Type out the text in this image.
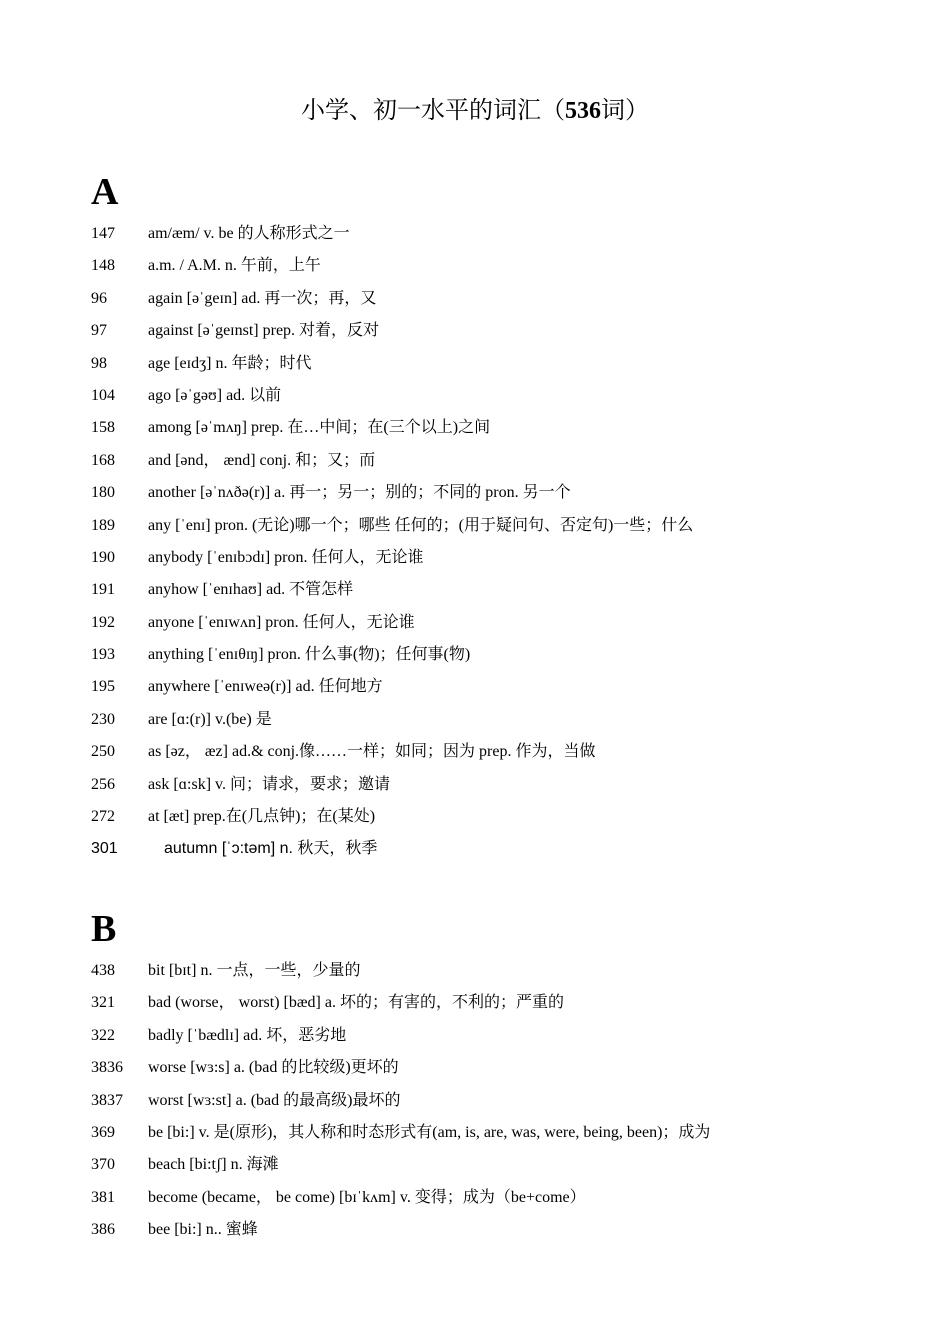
小学、初一水平的词汇（536词）
A
147 am/æm/ v. be 的人称形式之一
148 a.m. / A.M. n. 午前，上午
96	again [əˈgeɪn] ad. 再一次；再，又
97	against [əˈgeɪnst] prep. 对着，反对
98	age [eɪdʒ] n. 年龄；时代
104 ago [əˈgəʊ] ad. 以前
158 among [əˈmʌŋ] prep. 在…中间；在(三个以上)之间
168 and [ənd， ænd] conj. 和；又；而
180 another [əˈnʌðə(r)] a. 再一；另一；别的；不同的 pron. 另一个
189 any [ˈenɪ] pron. (无论)哪一个；哪些 任何的；(用于疑问句、否定句)一些；什么
190 anybody [ˈenɪbɔdɪ] pron. 任何人，无论谁
191 anyhow [ˈenɪhaʊ] ad. 不管怎样
192 anyone [ˈenɪwʌn] pron. 任何人，无论谁
193 anything [ˈenɪθɪŋ] pron. 什么事(物)；任何事(物)
195 anywhere [ˈenɪweə(r)] ad. 任何地方
230 are [ɑ:(r)] v.(be) 是
250 as [əz， æz] ad.& conj.像……一样；如同；因为 prep. 作为，当做
256 ask [ɑ:sk] v. 问；请求，要求；邀请
272 at [æt] prep.在(几点钟)；在(某处)
301	autumn [ˈɔ:təm] n. 秋天，秋季
B
438 bit [bɪt] n. 一点，一些，少量的
321 bad (worse， worst) [bæd] a. 坏的；有害的，不利的；严重的
322 badly [ˈbædlɪ] ad. 坏，恶劣地
3836 worse [wɜ:s] a. (bad 的比较级)更坏的
3837 worst [wɜ:st] a. (bad 的最高级)最坏的
369 be [bi:] v. 是(原形)，其人称和时态形式有(am, is, are, was, were, being, been)；成为
370 beach [bi:tʃ] n. 海滩
381 become (became， be come) [bɪˈkʌm] v. 变得；成为（be+come）
386 bee [bi:] n.. 蜜蜂
